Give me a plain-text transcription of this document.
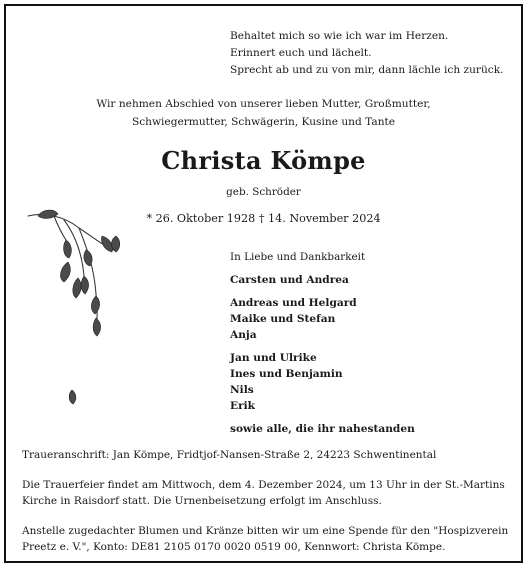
Behaltet mich so wie ich war im Herzen.
Erinnert euch und lächelt.
Sprecht ab und zu von mir, dann lächle ich zurück.
Wir nehmen Abschied von unserer lieben Mutter, Großmutter,
Schwiegermutter, Schwägerin, Kusine und Tante
Christa Kömpe
geb. Schröder
* 26. Oktober 1928 † 14. November 2024
In Liebe und Dankbarkeit
Carsten und Andrea
Andreas und Helgard
Maike und Stefan
Anja
Jan und Ulrike
Ines und Benjamin
Nils
Erik
sowie alle, die ihr nahestanden

Traueranschrift: Jan Kömpe, Fridtjof-Nansen-Straße 2, 24223 Schwentinental

Die Trauerfeier findet am Mittwoch, dem 4. Dezember 2024, um 13 Uhr in der St.-Martins Kirche in Raisdorf statt. Die Urnenbeisetzung erfolgt im Anschluss.

Anstelle zugedachter Blumen und Kränze bitten wir um eine Spende für den "Hospizverein Preetz e. V.", Konto: DE81 2105 0170 0020 0519 00, Kennwort: Christa Kömpe.
